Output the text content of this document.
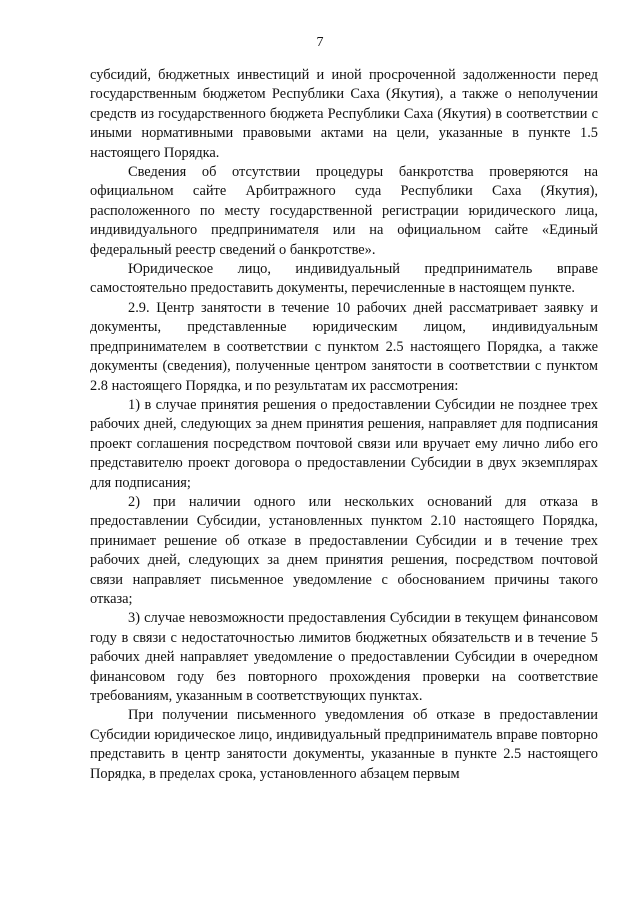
7

субсидий, бюджетных инвестиций и иной просроченной задолженности перед государственным бюджетом Республики Саха (Якутия), а также о неполучении средств из государственного бюджета Республики Саха (Якутия) в соответствии с иными нормативными правовыми актами на цели, указанные в пункте 1.5 настоящего Порядка.

Сведения об отсутствии процедуры банкротства проверяются на официальном сайте Арбитражного суда Республики Саха (Якутия), расположенного по месту государственной регистрации юридического лица, индивидуального предпринимателя или на официальном сайте «Единый федеральный реестр сведений о банкротстве».

Юридическое лицо, индивидуальный предприниматель вправе самостоятельно предоставить документы, перечисленные в настоящем пункте.

2.9. Центр занятости в течение 10 рабочих дней рассматривает заявку и документы, представленные юридическим лицом, индивидуальным предпринимателем в соответствии с пунктом 2.5 настоящего Порядка, а также документы (сведения), полученные центром занятости в соответствии с пунктом 2.8 настоящего Порядка, и по результатам их рассмотрения:

1) в случае принятия решения о предоставлении Субсидии не позднее трех рабочих дней, следующих за днем принятия решения, направляет для подписания проект соглашения посредством почтовой связи или вручает ему лично либо его представителю проект договора о предоставлении Субсидии в двух экземплярах для подписания;

2) при наличии одного или нескольких оснований для отказа в предоставлении Субсидии, установленных пунктом 2.10 настоящего Порядка, принимает решение об отказе в предоставлении Субсидии и в течение трех рабочих дней, следующих за днем принятия решения, посредством почтовой связи направляет письменное уведомление с обоснованием причины такого отказа;

3) случае невозможности предоставления Субсидии в текущем финансовом году в связи с недостаточностью лимитов бюджетных обязательств и в течение 5 рабочих дней направляет уведомление о предоставлении Субсидии в очередном финансовом году без повторного прохождения проверки на соответствие требованиям, указанным в соответствующих пунктах.

При получении письменного уведомления об отказе в предоставлении Субсидии юридическое лицо, индивидуальный предприниматель вправе повторно представить в центр занятости документы, указанные в пункте 2.5 настоящего Порядка, в пределах срока, установленного абзацем первым
